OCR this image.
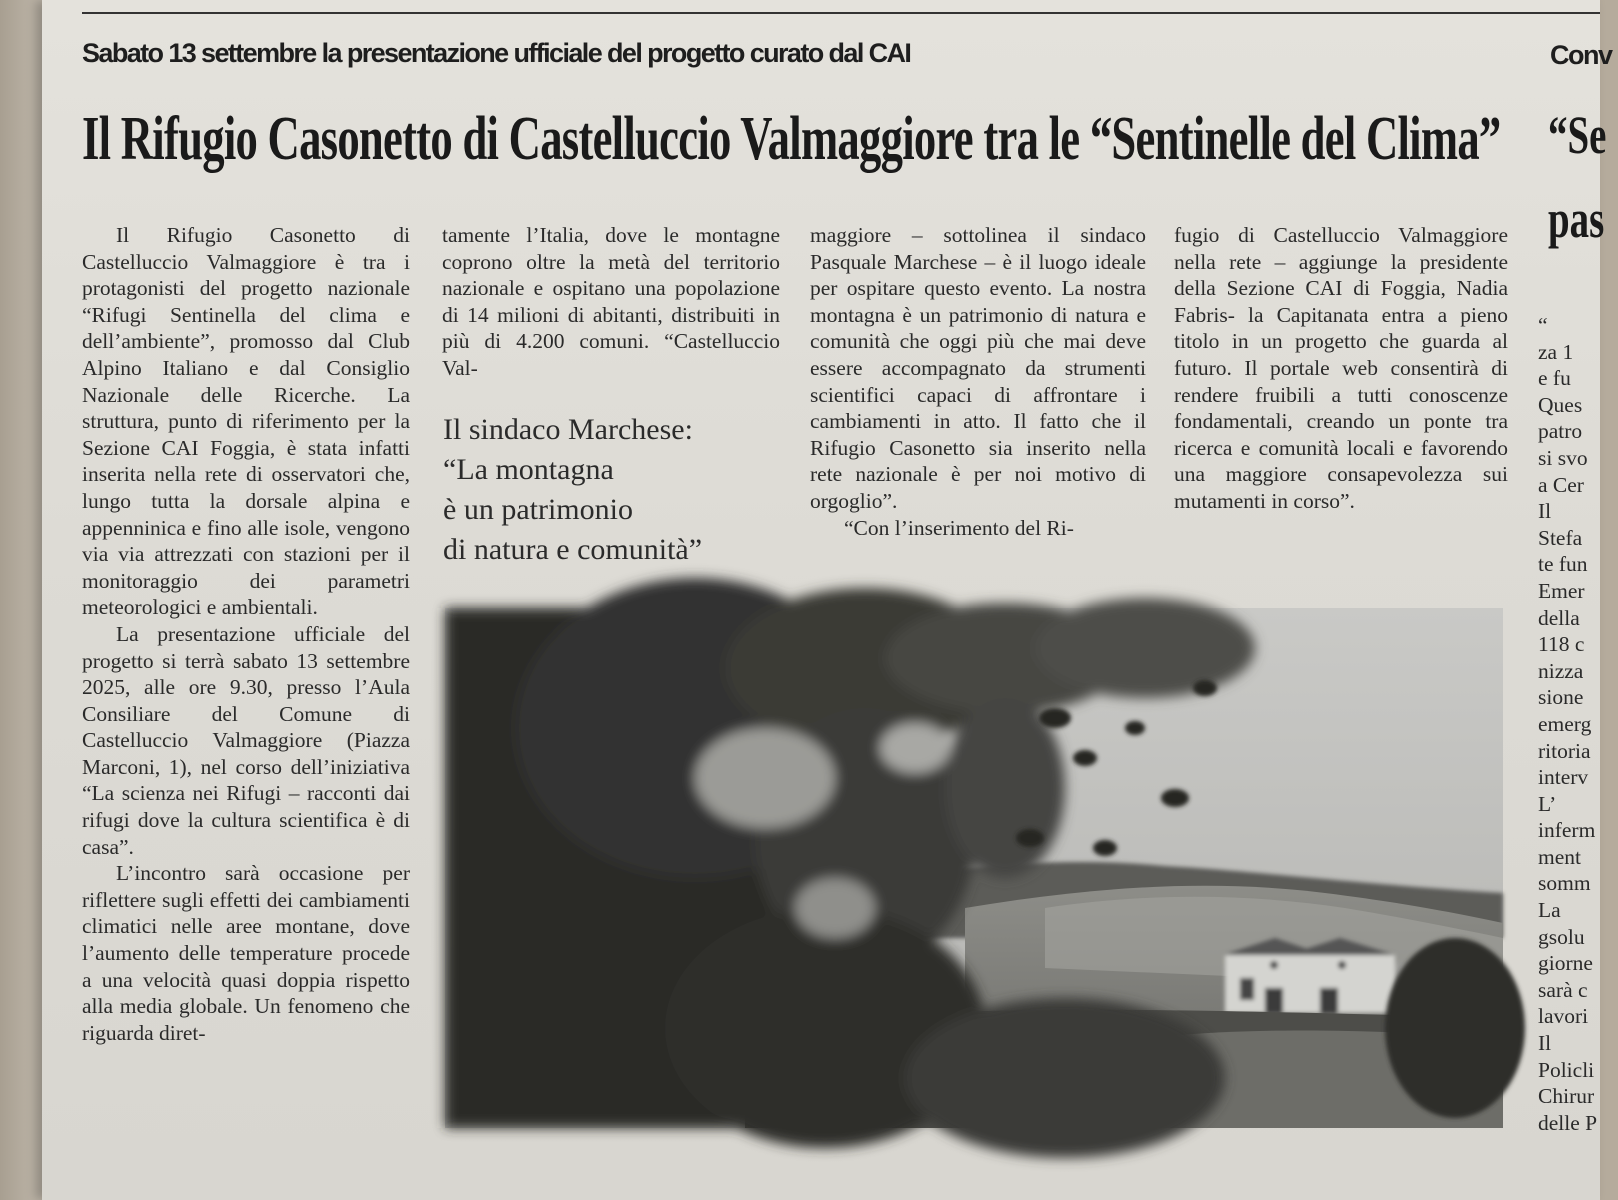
Sabato 13 settembre la presentazione ufficiale del progetto curato dal CAI
Il Rifugio Casonetto di Castelluccio Valmaggiore tra le “Sentinelle del Clima”

Il Rifugio Casonetto di Castelluccio Valmaggiore è tra i protagonisti del progetto nazionale “Rifugi Sentinella del clima e dell’ambiente”, promosso dal Club Alpino Italiano e dal Consiglio Nazionale delle Ricerche. La struttura, punto di riferimento per la Sezione CAI Foggia, è stata infatti inserita nella rete di osservatori che, lungo tutta la dorsale alpina e appenninica e fino alle isole, vengono via via attrezzati con stazioni per il monitoraggio dei parametri meteorologici e ambientali.

La presentazione ufficiale del progetto si terrà sabato 13 settembre 2025, alle ore 9.30, presso l’Aula Consiliare del Comune di Castelluccio Valmaggiore (Piazza Marconi, 1), nel corso dell’iniziativa “La scienza nei Rifugi – racconti dai rifugi dove la cultura scientifica è di casa”.

L’incontro sarà occasione per riflettere sugli effetti dei cambiamenti climatici nelle aree montane, dove l’aumento delle temperature procede a una velocità quasi doppia rispetto alla media globale. Un fenomeno che riguarda diret-

tamente l’Italia, dove le montagne coprono oltre la metà del territorio nazionale e ospitano una popolazione di 14 milioni di abitanti, distribuiti in più di 4.200 comuni. “Castelluccio Val-

Il sindaco Marchese:
“La montagna
è un patrimonio
di natura e comunità”

maggiore – sottolinea il sindaco Pasquale Marchese – è il luogo ideale per ospitare questo evento. La nostra montagna è un patrimonio di natura e comunità che oggi più che mai deve essere accompagnato da strumenti scientifici capaci di affrontare i cambiamenti in atto. Il fatto che il Rifugio Casonetto sia inserito nella rete nazionale è per noi motivo di orgoglio”.

“Con l’inserimento del Ri-

fugio di Castelluccio Valmaggiore nella rete – aggiunge la presidente della Sezione CAI di Foggia, Nadia Fabris- la Capitanata entra a pieno titolo in un progetto che guarda al futuro. Il portale web consentirà di rendere fruibili a tutti conoscenze fondamentali, creando un ponte tra ricerca e comunità locali e favorendo una maggiore consapevolezza sui mutamenti in corso”.

Conv
“Se
pas
“
za 1
e fu
Ques
patro
si svo
a Cer
Il
Stefa
te fun
Emer
della
118 c
nizza
sione
emerg
ritoria
interv
L’
inferm
ment
somm
La
gsolu
giorne
sarà c
lavori
Il
Policli
Chirur
delle P
